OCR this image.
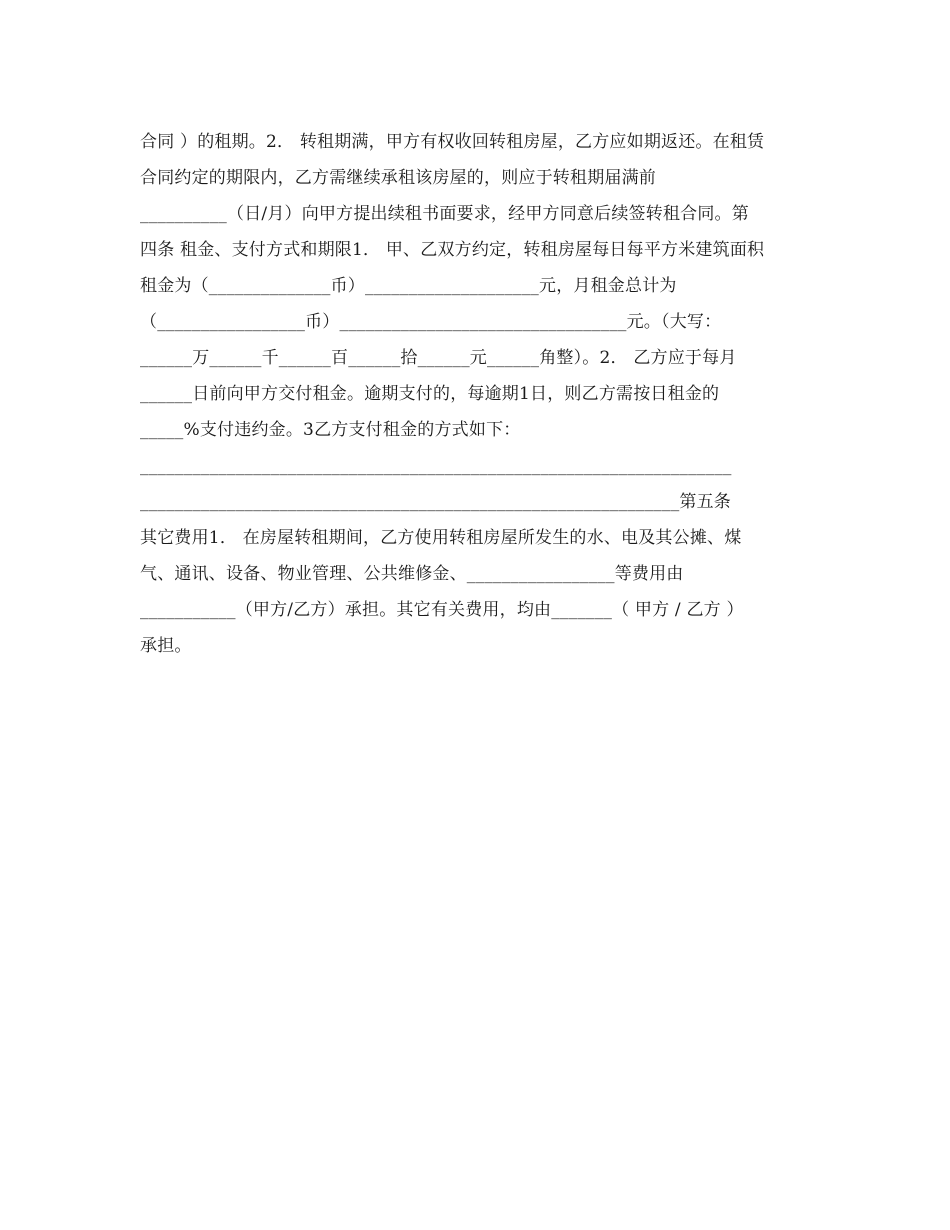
合同 ）的租期。2． 转租期满，甲方有权收回转租房屋，乙方应如期返还。在租赁
合同约定的期限内，乙方需继续承租该房屋的，则应于转租期届满前
__________（日/月）向甲方提出续租书面要求，经甲方同意后续签转租合同。第
四条 租金、支付方式和期限1． 甲、乙双方约定，转租房屋每日每平方米建筑面积
租金为（______________币）____________________元，月租金总计为
（_________________币）_________________________________元。（大写：
______万______千______百______拾______元______角整）。2． 乙方应于每月
______日前向甲方交付租金。逾期支付的，每逾期1日，则乙方需按日租金的
_____%支付违约金。3乙方支付租金的方式如下：
____________________________________________________________________
______________________________________________________________第五条
其它费用1． 在房屋转租期间，乙方使用转租房屋所发生的水、电及其公摊、煤
气、通讯、设备、物业管理、公共维修金、_________________等费用由
___________（甲方/乙方）承担。其它有关费用，均由_______（ 甲方 / 乙方 ）
承担。
